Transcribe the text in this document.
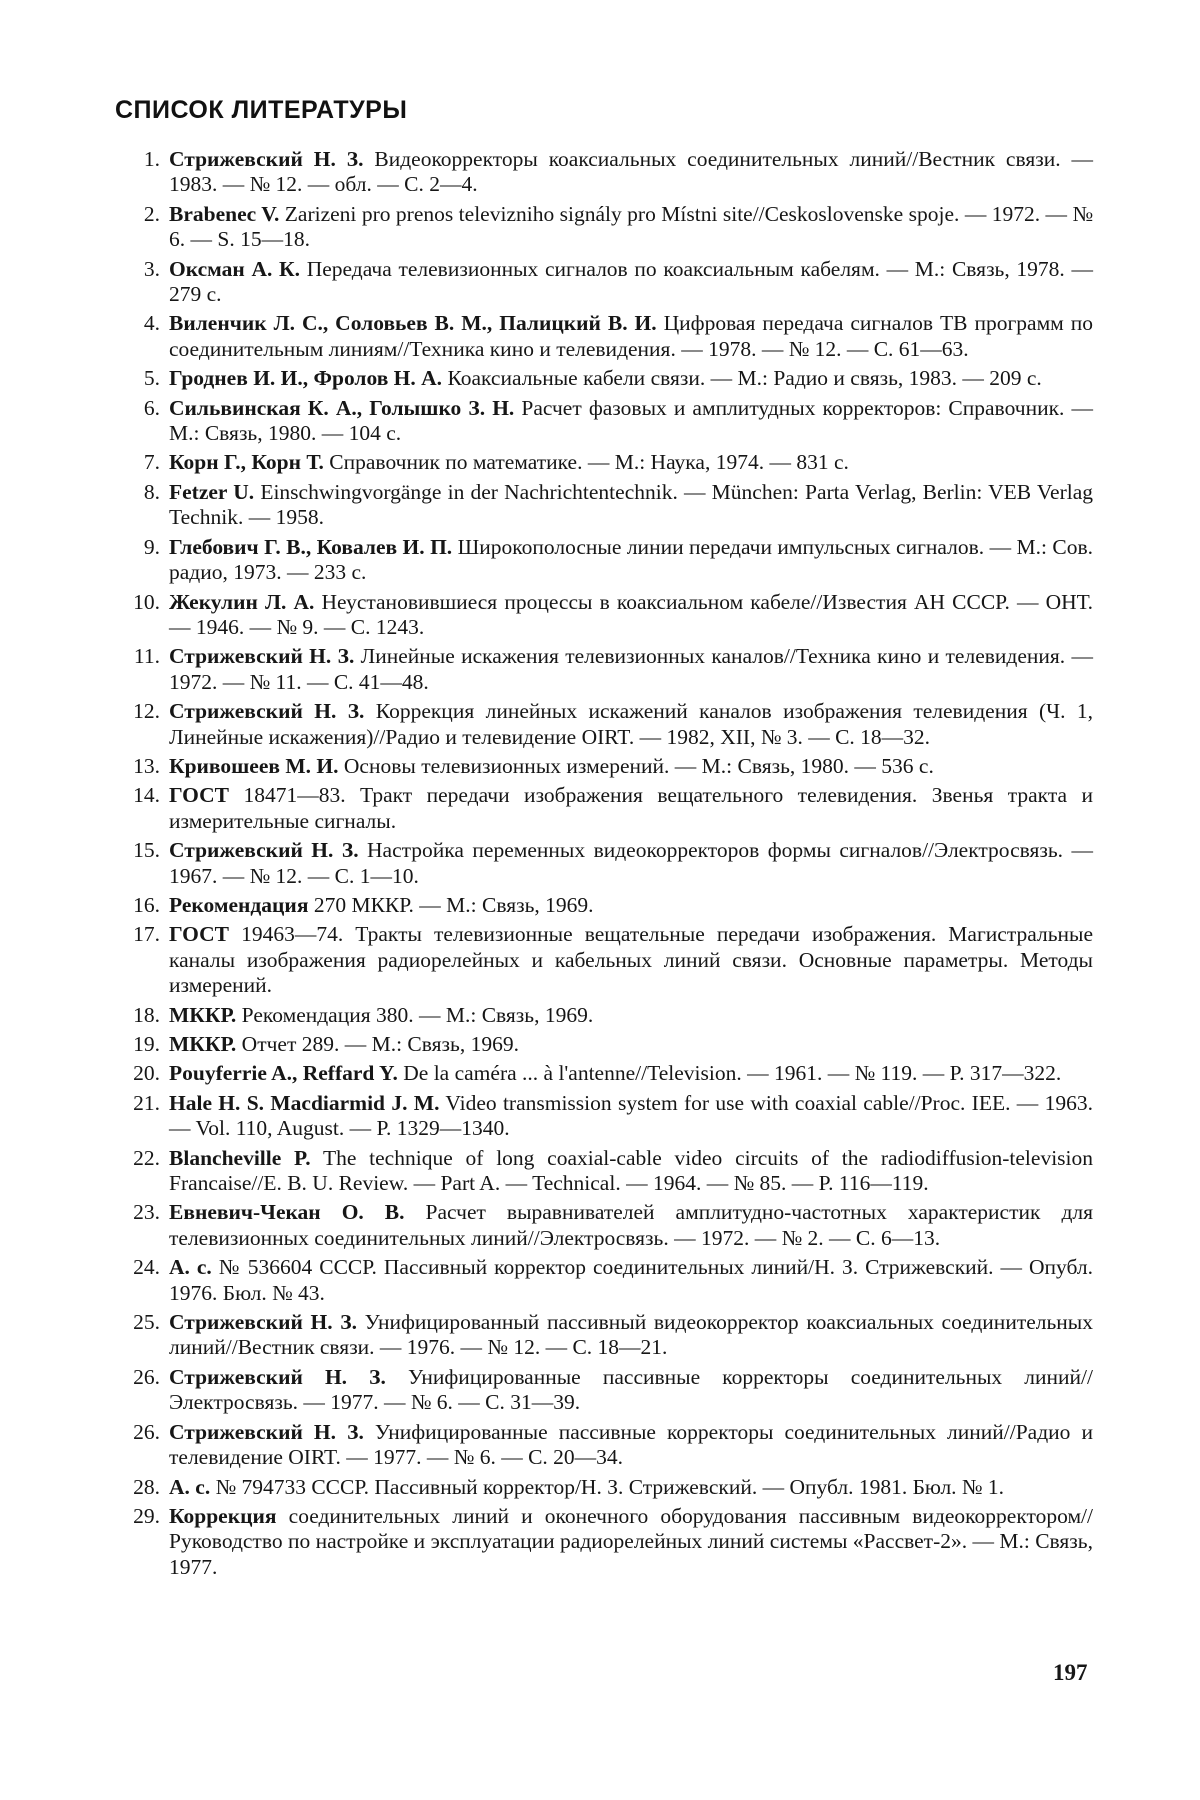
СПИСОК ЛИТЕРАТУРЫ
1. Стрижевский Н. З. Видеокорректоры коаксиальных соединительных линий//Вестник связи. — 1983. — № 12. — обл. — С. 2—4.
2. Brabenec V. Zarizeni pro prenos televizniho signály pro Místni site//Ceskoslovenske spoje. — 1972. — № 6. — S. 15—18.
3. Оксман А. К. Передача телевизионных сигналов по коаксиальным кабелям. — М.: Связь, 1978. — 279 с.
4. Виленчик Л. С., Соловьев В. М., Палицкий В. И. Цифровая передача сигналов ТВ программ по соединительным линиям//Техника кино и телевидения. — 1978. — № 12. — С. 61—63.
5. Гроднев И. И., Фролов Н. А. Коаксиальные кабели связи. — М.: Радио и связь, 1983. — 209 с.
6. Сильвинская К. А., Голышко З. Н. Расчет фазовых и амплитудных корректоров: Справочник. — М.: Связь, 1980. — 104 с.
7. Корн Г., Корн Т. Справочник по математике. — М.: Наука, 1974. — 831 с.
8. Fetzer U. Einschwingvorgänge in der Nachrichtentechnik. — München: Parta Verlag, Berlin: VEB Verlag Technik. — 1958.
9. Глебович Г. В., Ковалев И. П. Широкополосные линии передачи импульсных сигналов. — М.: Сов. радио, 1973. — 233 с.
10. Жекулин Л. А. Неустановившиеся процессы в коаксиальном кабеле//Известия АН СССР. — ОНТ. — 1946. — № 9. — С. 1243.
11. Стрижевский Н. З. Линейные искажения телевизионных каналов//Техника кино и телевидения. — 1972. — № 11. — С. 41—48.
12. Стрижевский Н. З. Коррекция линейных искажений каналов изображения телевидения (Ч. 1, Линейные искажения)//Радио и телевидение OIRT. — 1982, XII, № 3. — С. 18—32.
13. Кривошеев М. И. Основы телевизионных измерений. — М.: Связь, 1980. — 536 с.
14. ГОСТ 18471—83. Тракт передачи изображения вещательного телевидения. Звенья тракта и измерительные сигналы.
15. Стрижевский Н. З. Настройка переменных видеокорректоров формы сигналов//Электросвязь. — 1967. — № 12. — С. 1—10.
16. Рекомендация 270 МККР. — М.: Связь, 1969.
17. ГОСТ 19463—74. Тракты телевизионные вещательные передачи изображения. Магистральные каналы изображения радиорелейных и кабельных линий связи. Основные параметры. Методы измерений.
18. МККР. Рекомендация 380. — М.: Связь, 1969.
19. МККР. Отчет 289. — М.: Связь, 1969.
20. Pouyferrie A., Reffard Y. De la caméra ... à l'antenne//Television. — 1961. — № 119. — P. 317—322.
21. Hale H. S. Macdiarmid J. M. Video transmission system for use with coaxial cable//Proc. IEE. — 1963. — Vol. 110, August. — P. 1329—1340.
22. Blancheville P. The technique of long coaxial-cable video circuits of the radiodiffusion-television Francaise//E. B. U. Review. — Part A. — Technical. — 1964. — № 85. — P. 116—119.
23. Евневич-Чекан О. В. Расчет выравнивателей амплитудно-частотных характеристик для телевизионных соединительных линий//Электросвязь. — 1972. — № 2. — С. 6—13.
24. А. с. № 536604 СССР. Пассивный корректор соединительных линий/Н. З. Стрижевский. — Опубл. 1976. Бюл. № 43.
25. Стрижевский Н. З. Унифицированный пассивный видеокорректор коаксиальных соединительных линий//Вестник связи. — 1976. — № 12. — С. 18—21.
26. Стрижевский Н. З. Унифицированные пассивные корректоры соединительных линий//Электросвязь. — 1977. — № 6. — С. 31—39.
26. Стрижевский Н. З. Унифицированные пассивные корректоры соединительных линий//Радио и телевидение OIRT. — 1977. — № 6. — С. 20—34.
28. А. с. № 794733 СССР. Пассивный корректор/Н. З. Стрижевский. — Опубл. 1981. Бюл. № 1.
29. Коррекция соединительных линий и оконечного оборудования пассивным видеокорректором//Руководство по настройке и эксплуатации радиорелейных линий системы «Рассвет-2». — М.: Связь, 1977.
197
